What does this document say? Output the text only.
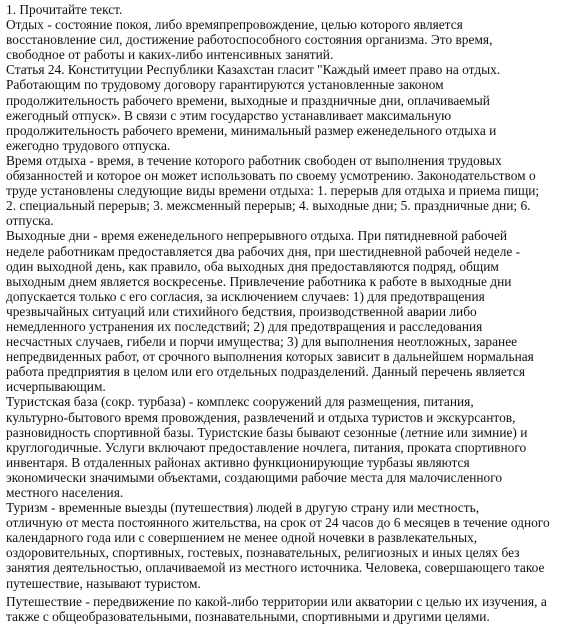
1. Прочитайте текст.
Отдых - состояние покоя, либо времяпрепровождение, целью которого является
восстановление сил, достижение работоспособного состояния организма. Это время,
свободное от работы и каких-либо интенсивных занятий.
Статья 24. Конституции Республики Казахстан гласит "Каждый имеет право на отдых.
Работающим по трудовому договору гарантируются установленные законом
продолжительность рабочего времени, выходные и праздничные дни, оплачиваемый
ежегодный отпуск». В связи с этим государство устанавливает максимальную
продолжительность рабочего времени, минимальный размер еженедельного отдыха и
ежегодно трудового отпуска.
Время отдыха - время, в течение которого работник свободен от выполнения трудовых
обязанностей и которое он может использовать по своему усмотрению. Законодательством о
труде установлены следующие виды времени отдыха: 1. перерыв для отдыха и приема пищи;
2. специальный перерыв; 3. межсменный перерыв; 4. выходные дни; 5. праздничные дни; 6.
отпуска.
Выходные дни - время еженедельного непрерывного отдыха. При пятидневной рабочей
неделе работникам предоставляется два рабочих дня, при шестидневной рабочей неделе -
один выходной день, как правило, оба выходных дня предоставляются подряд, общим
выходным днем является воскресенье. Привлечение работника к работе в выходные дни
допускается только с его согласия, за исключением случаев: 1) для предотвращения
чрезвычайных ситуаций или стихийного бедствия, производственной аварии либо
немедленного устранения их последствий; 2) для предотвращения и расследования
несчастных случаев, гибели и порчи имущества; 3) для выполнения неотложных, заранее
непредвиденных работ, от срочного выполнения которых зависит в дальнейшем нормальная
работа предприятия в целом или его отдельных подразделений. Данный перечень является
исчерпывающим.
Туристская база (сокр. турбаза) - комплекс сооружений для размещения, питания,
культурно-бытового время провождения, развлечений и отдыха туристов и экскурсантов,
разновидность спортивной базы. Туристские базы бывают сезонные (летние или зимние) и
круглогодичные. Услуги включают предоставление ночлега, питания, проката спортивного
инвентаря. В отдаленных районах активно функционирующие турбазы являются
экономически значимыми объектами, создающими рабочие места для малочисленного
местного населения.
Туризм - временные выезды (путешествия) людей в другую страну или местность,
отличную от места постоянного жительства, на срок от 24 часов до 6 месяцев в течение одного
календарного года или с совершением не менее одной ночевки в развлекательных,
оздоровительных, спортивных, гостевых, познавательных, религиозных и иных целях без
занятия деятельностью, оплачиваемой из местного источника. Человека, совершающего такое
путешествие, называют туристом.
Путешествие - передвижение по какой-либо территории или акватории с целью их изучения, а
также с общеобразовательными, познавательными, спортивными и другими целями.
